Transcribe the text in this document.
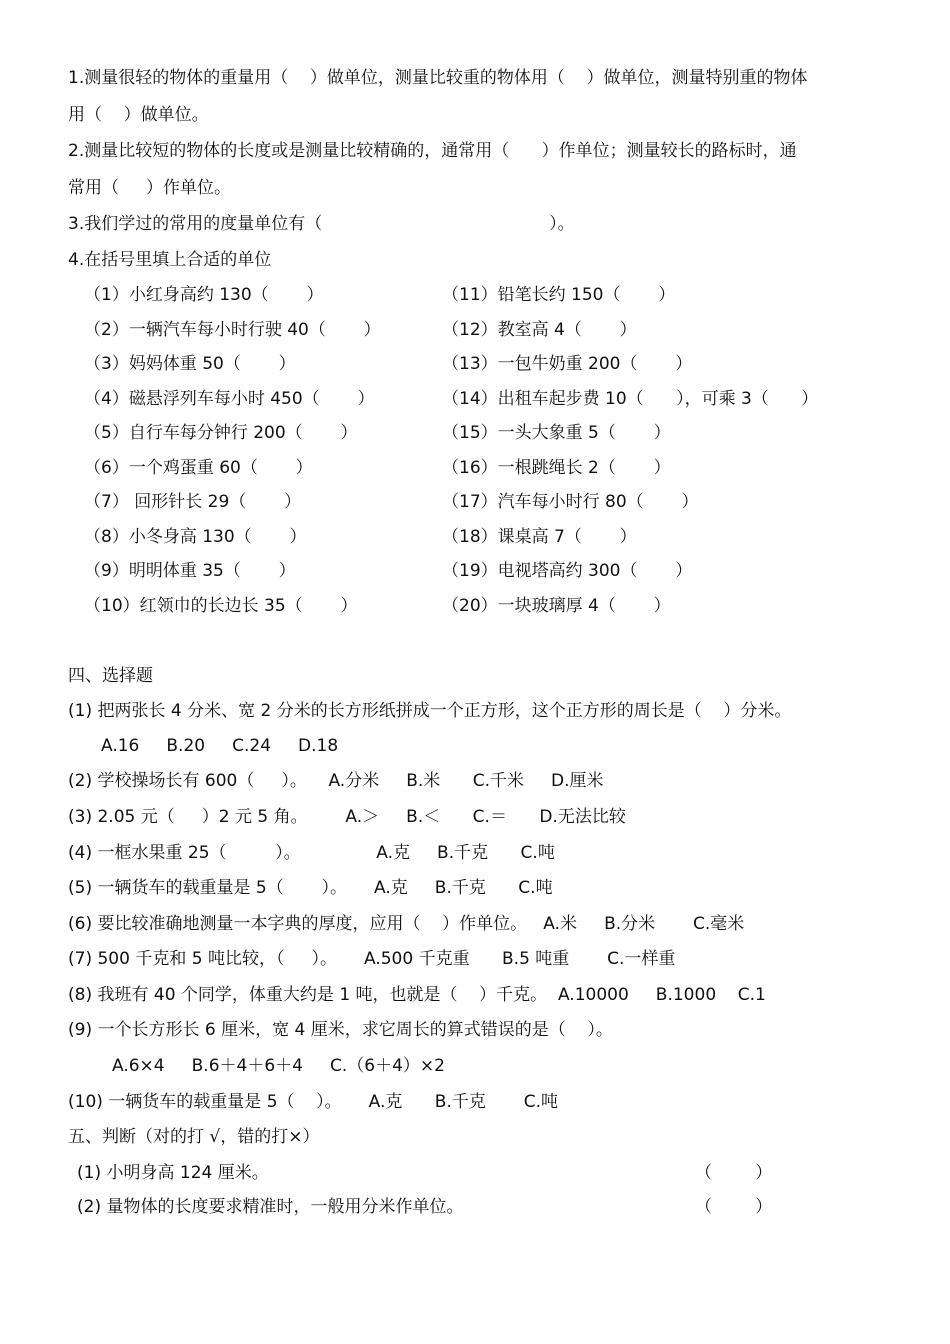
1.测量很轻的物体的重量用（    ）做单位，测量比较重的物体用（    ）做单位，测量特别重的物体
用（    ）做单位。
2.测量比较短的物体的长度或是测量比较精确的，通常用（      ）作单位；测量较长的路标时，通
常用（     ）作单位。
3.我们学过的常用的度量单位有（                                          ）。
4.在括号里填上合适的单位
（1）小红身高约 130（       ）
（2）一辆汽车每小时行驶 40（       ）
（3）妈妈体重 50（       ）
（4）磁悬浮列车每小时 450（       ）
（5）自行车每分钟行 200（       ）
（6）一个鸡蛋重 60（       ）
（7） 回形针长 29（       ）
（8）小冬身高 130（       ）
（9）明明体重 35（       ）
（10）红领巾的长边长 35（       ）
（11）铅笔长约 150（       ）
（12）教室高 4（       ）
（13）一包牛奶重 200（       ）
（14）出租车起步费 10（      ），可乘 3（      ）
（15）一头大象重 5（       ）
（16）一根跳绳长 2（       ）
（17）汽车每小时行 80（       ）
（18）课桌高 7（       ）
（19）电视塔高约 300（       ）
（20）一块玻璃厚 4（       ）
四、选择题
(1) 把两张长 4 分米、宽 2 分米的长方形纸拼成一个正方形，这个正方形的周长是（    ）分米。
A.16     B.20     C.24     D.18
(2) 学校操场长有 600（     ）。    A.分米     B.米      C.千米     D.厘米
(3) 2.05 元（     ）2 元 5 角。       A.＞     B.＜      C.＝      D.无法比较
(4) 一框水果重 25（         ）。              A.克     B.千克      C.吨
(5) 一辆货车的载重量是 5（       ）。     A.克     B.千克      C.吨
(6) 要比较准确地测量一本字典的厚度，应用（    ）作单位。   A.米     B.分米       C.毫米
(7) 500 千克和 5 吨比较，（     ）。     A.500 千克重      B.5 吨重       C.一样重
(8) 我班有 40 个同学，体重大约是 1 吨，也就是（    ）千克。  A.10000     B.1000    C.1
(9) 一个长方形长 6 厘米，宽 4 厘米，求它周长的算式错误的是（    ）。
A.6×4     B.6＋4＋6＋4     C.（6＋4）×2
(10) 一辆货车的载重量是 5（    ）。     A.克      B.千克       C.吨
五、判断（对的打 √，错的打×）
(1) 小明身高 124 厘米。	（        ）
(2) 量物体的长度要求精准时，一般用分米作单位。	（        ）
